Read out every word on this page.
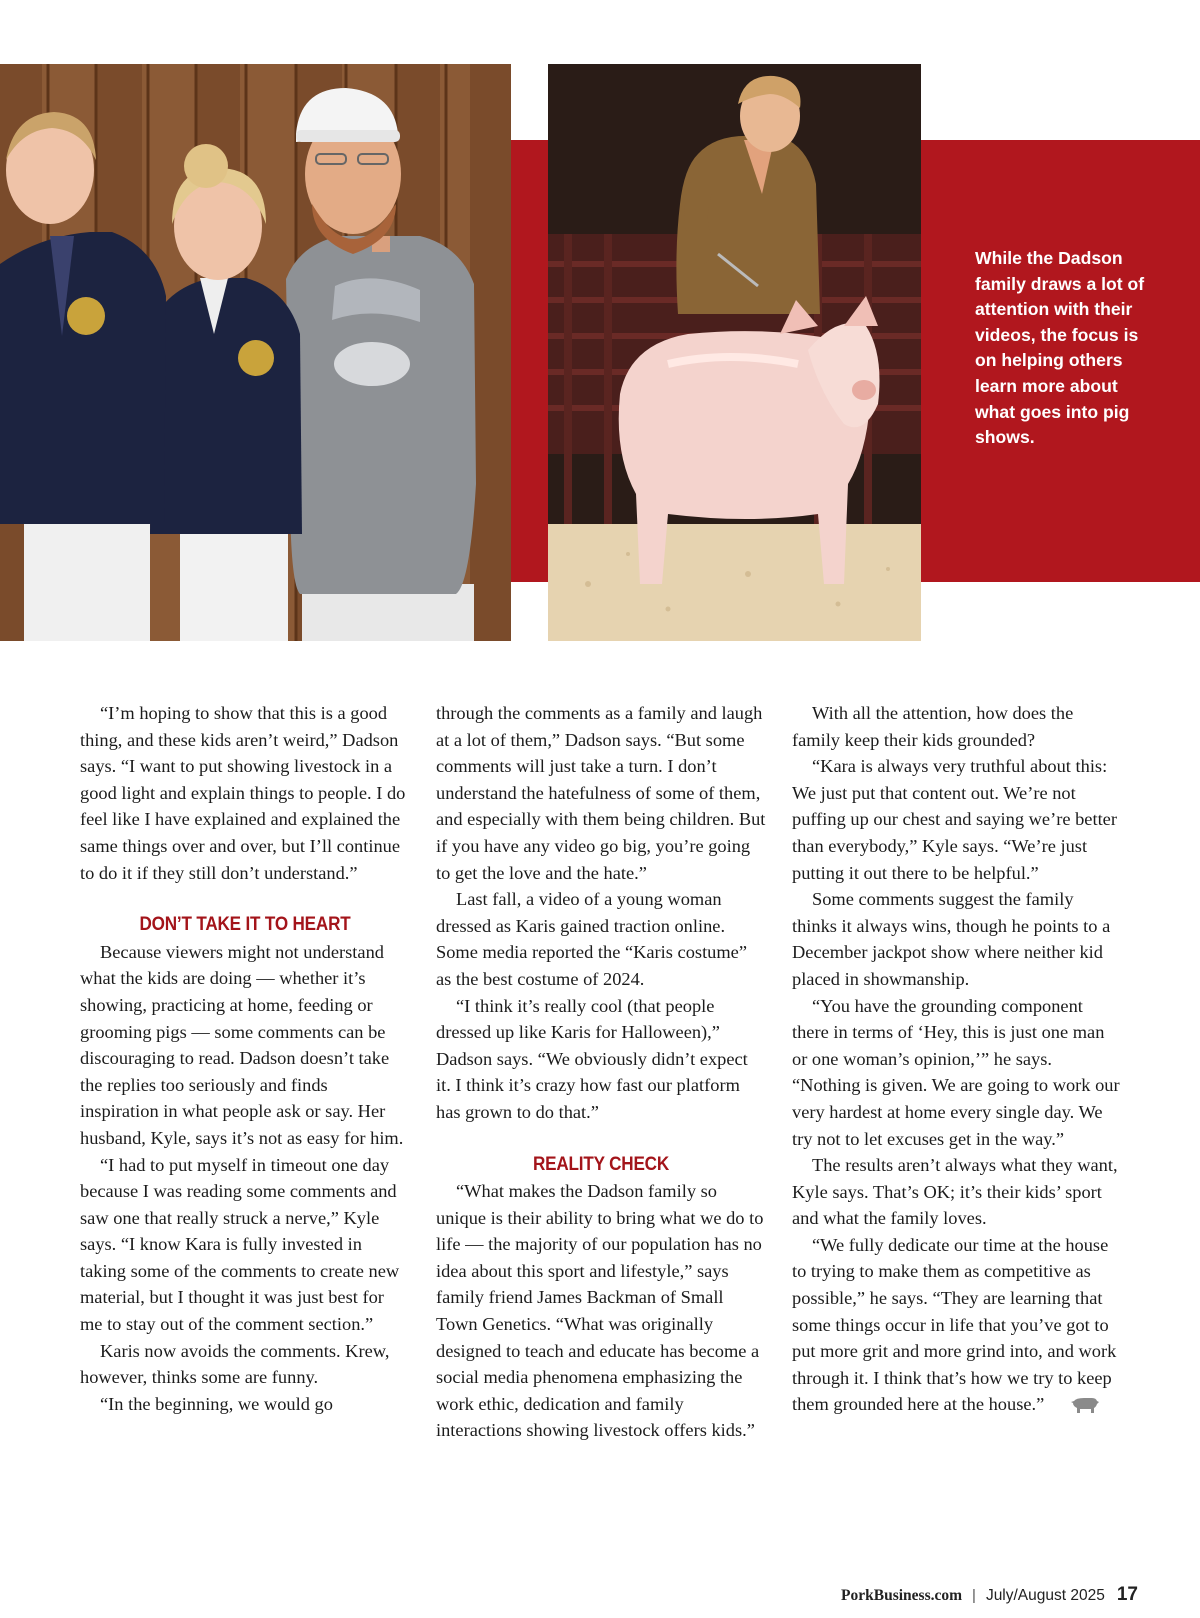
While the Dadson family draws a lot of attention with their videos, the focus is on helping others learn more about what goes into pig shows.

“I’m hoping to show that this is a good thing, and these kids aren’t weird,” Dadson says. “I want to put showing livestock in a good light and explain things to people. I do feel like I have explained and explained the same things over and over, but I’ll continue to do it if they still don’t understand.”

DON’T TAKE IT TO HEART

Because viewers might not understand what the kids are doing — whether it’s showing, practicing at home, feeding or grooming pigs — some comments can be discouraging to read. Dadson doesn’t take the replies too seriously and finds inspiration in what people ask or say. Her husband, Kyle, says it’s not as easy for him.

“I had to put myself in timeout one day because I was reading some comments and saw one that really struck a nerve,” Kyle says. “I know Kara is fully invested in taking some of the comments to create new material, but I thought it was just best for me to stay out of the comment section.”

Karis now avoids the comments. Krew, however, thinks some are funny.

“In the beginning, we would go

through the comments as a family and laugh at a lot of them,” Dadson says. “But some comments will just take a turn. I don’t understand the hatefulness of some of them, and especially with them being children. But if you have any video go big, you’re going to get the love and the hate.”

Last fall, a video of a young woman dressed as Karis gained traction online. Some media reported the “Karis costume” as the best costume of 2024.

“I think it’s really cool (that people dressed up like Karis for Halloween),” Dadson says. “We obviously didn’t expect it. I think it’s crazy how fast our platform has grown to do that.”

REALITY CHECK

“What makes the Dadson family so unique is their ability to bring what we do to life — the majority of our population has no idea about this sport and lifestyle,” says family friend James Backman of Small Town Genetics. “What was originally designed to teach and educate has become a social media phenomena emphasizing the work ethic, dedication and family interactions showing livestock offers kids.”

With all the attention, how does the family keep their kids grounded?

“Kara is always very truthful about this: We just put that content out. We’re not puffing up our chest and saying we’re better than everybody,” Kyle says. “We’re just putting it out there to be helpful.”

Some comments suggest the family thinks it always wins, though he points to a December jackpot show where neither kid placed in showmanship.

“You have the grounding component there in terms of ‘Hey, this is just one man or one woman’s opinion,’” he says. “Nothing is given. We are going to work our very hardest at home every single day. We try not to let excuses get in the way.”

The results aren’t always what they want, Kyle says. That’s OK; it’s their kids’ sport and what the family loves.

“We fully dedicate our time at the house to trying to make them as competitive as possible,” he says. “They are learning that some things occur in life that you’ve got to put more grit and more grind into, and work through it. I think that’s how we try to keep them grounded here at the house.”

PorkBusiness.com | July/August 2025 17
